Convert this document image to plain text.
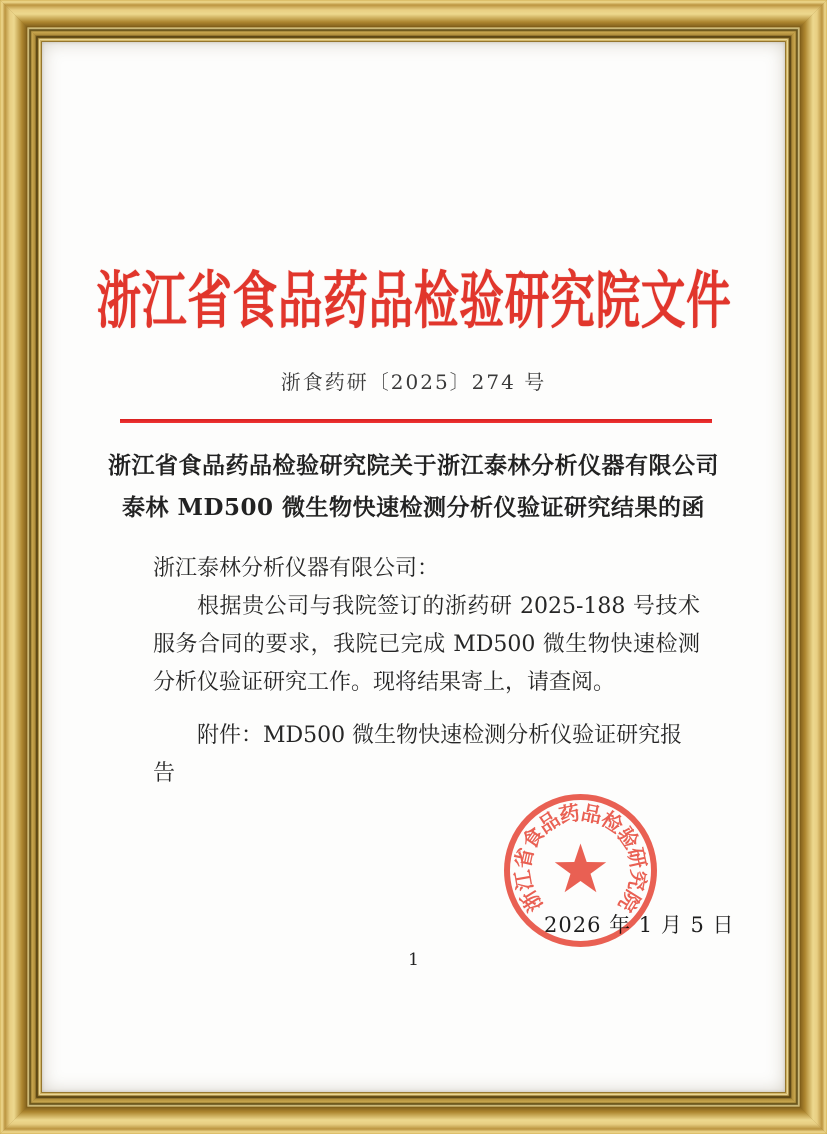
浙江省食品药品检验研究院文件
浙食药研〔2025〕274 号
浙江省食品药品检验研究院关于浙江泰林分析仪器有限公司
泰林 MD500 微生物快速检测分析仪验证研究结果的函

浙江泰林分析仪器有限公司：

根据贵公司与我院签订的浙药研 2025-188 号技术服务合同的要求，我院已完成 MD500 微生物快速检测分析仪验证研究工作。现将结果寄上，请查阅。

附件：MD500 微生物快速检测分析仪验证研究报告

2026 年 1 月 5 日
浙
江
省
食
品
药
品
检
验
研
究
院
1
